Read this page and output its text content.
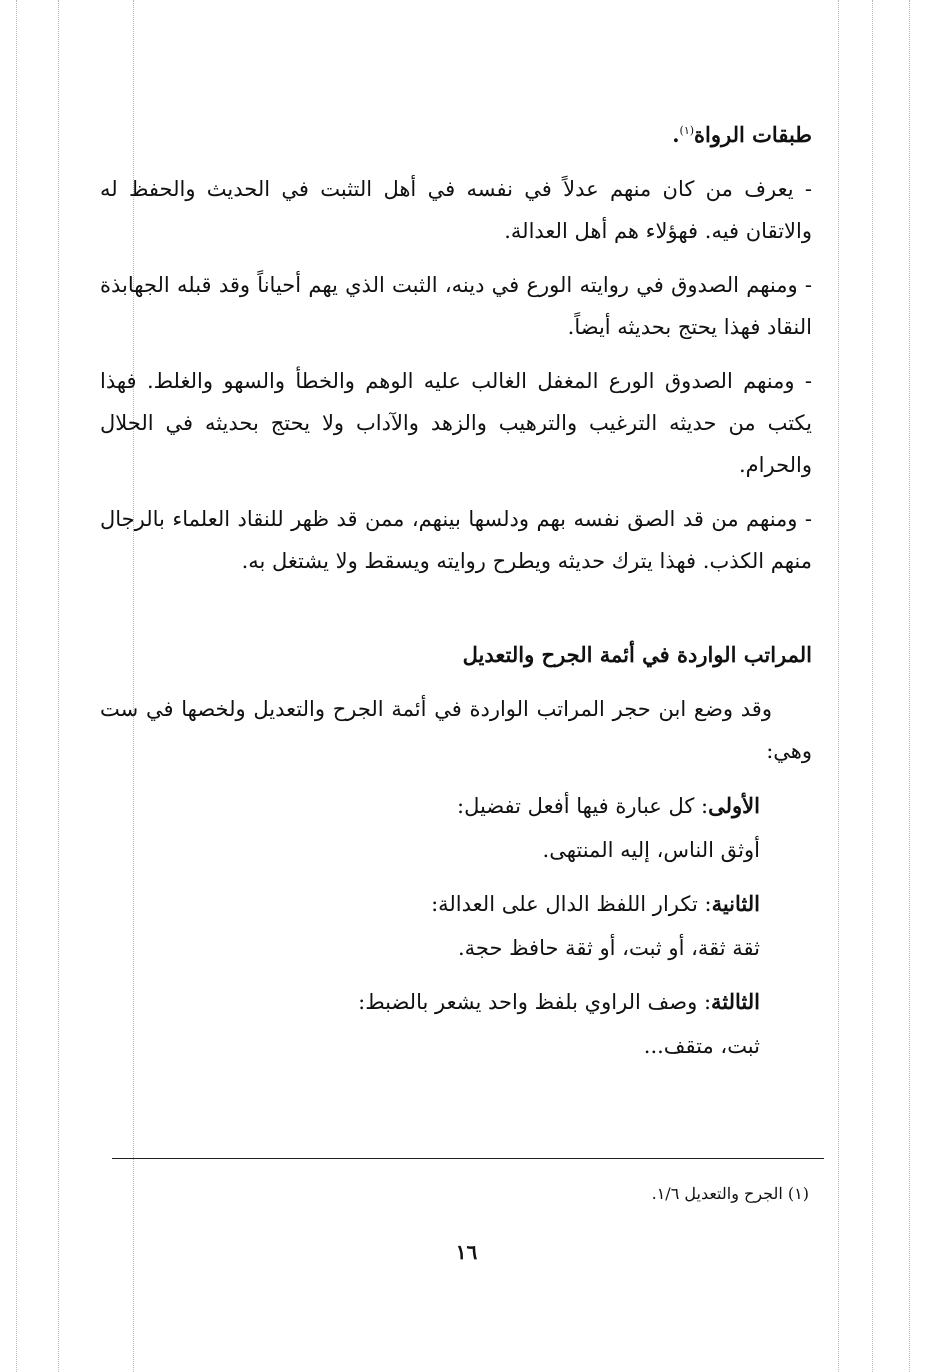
طبقات الرواة$^{(١)}$.

- يعرف من كان منهم عدلاً في نفسه في أهل التثبت في الحديث والحفظ له والاتقان فيه. فهؤلاء هم أهل العدالة.

- ومنهم الصدوق في روايته الورع في دينه، الثبت الذي يهم أحياناً وقد قبله الجهابذة النقاد فهذا يحتج بحديثه أيضاً.

- ومنهم الصدوق الورع المغفل الغالب عليه الوهم والخطأ والسهو والغلط. فهذا يكتب من حديثه الترغيب والترهيب والزهد والآداب ولا يحتج بحديثه في الحلال والحرام.

- ومنهم من قد الصق نفسه بهم ودلسها بينهم، ممن قد ظهر للنقاد العلماء بالرجال منهم الكذب. فهذا يترك حديثه ويطرح روايته ويسقط ولا يشتغل به.

المراتب الواردة في أئمة الجرح والتعديل

وقد وضع ابن حجر المراتب الواردة في أئمة الجرح والتعديل ولخصها في ست وهي:

الأولى: كل عبارة فيها أفعل تفضيل:
أوثق الناس، إليه المنتهى.
الثانية: تكرار اللفظ الدال على العدالة:
ثقة ثقة، أو ثبت، أو ثقة حافظ حجة.
الثالثة: وصف الراوي بلفظ واحد يشعر بالضبط:
ثبت، متقف...
(١) الجرح والتعديل ١/٦.
١٦
